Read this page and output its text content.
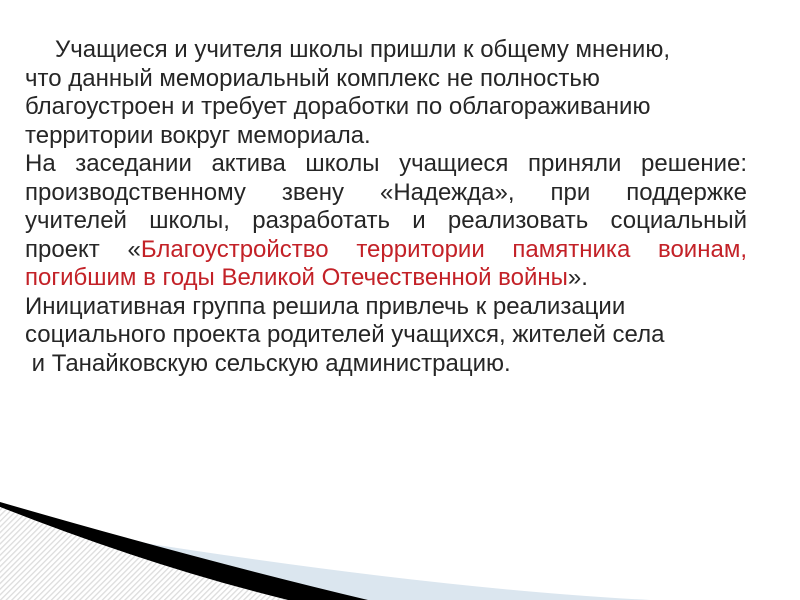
Учащиеся и учителя школы пришли к общему мнению,
что данный мемориальный комплекс не полностью
благоустроен и требует доработки по облагораживанию
территории вокруг мемориала.
На заседании актива школы учащиеся приняли решение:
производственному звену «Надежда», при поддержке
учителей школы, разработать и реализовать социальный
проект «Благоустройство территории памятника воинам,
погибшим в годы Великой Отечественной войны».
Инициативная группа решила привлечь к реализации
социального проекта родителей учащихся, жителей села
и Танайковскую сельскую администрацию.
